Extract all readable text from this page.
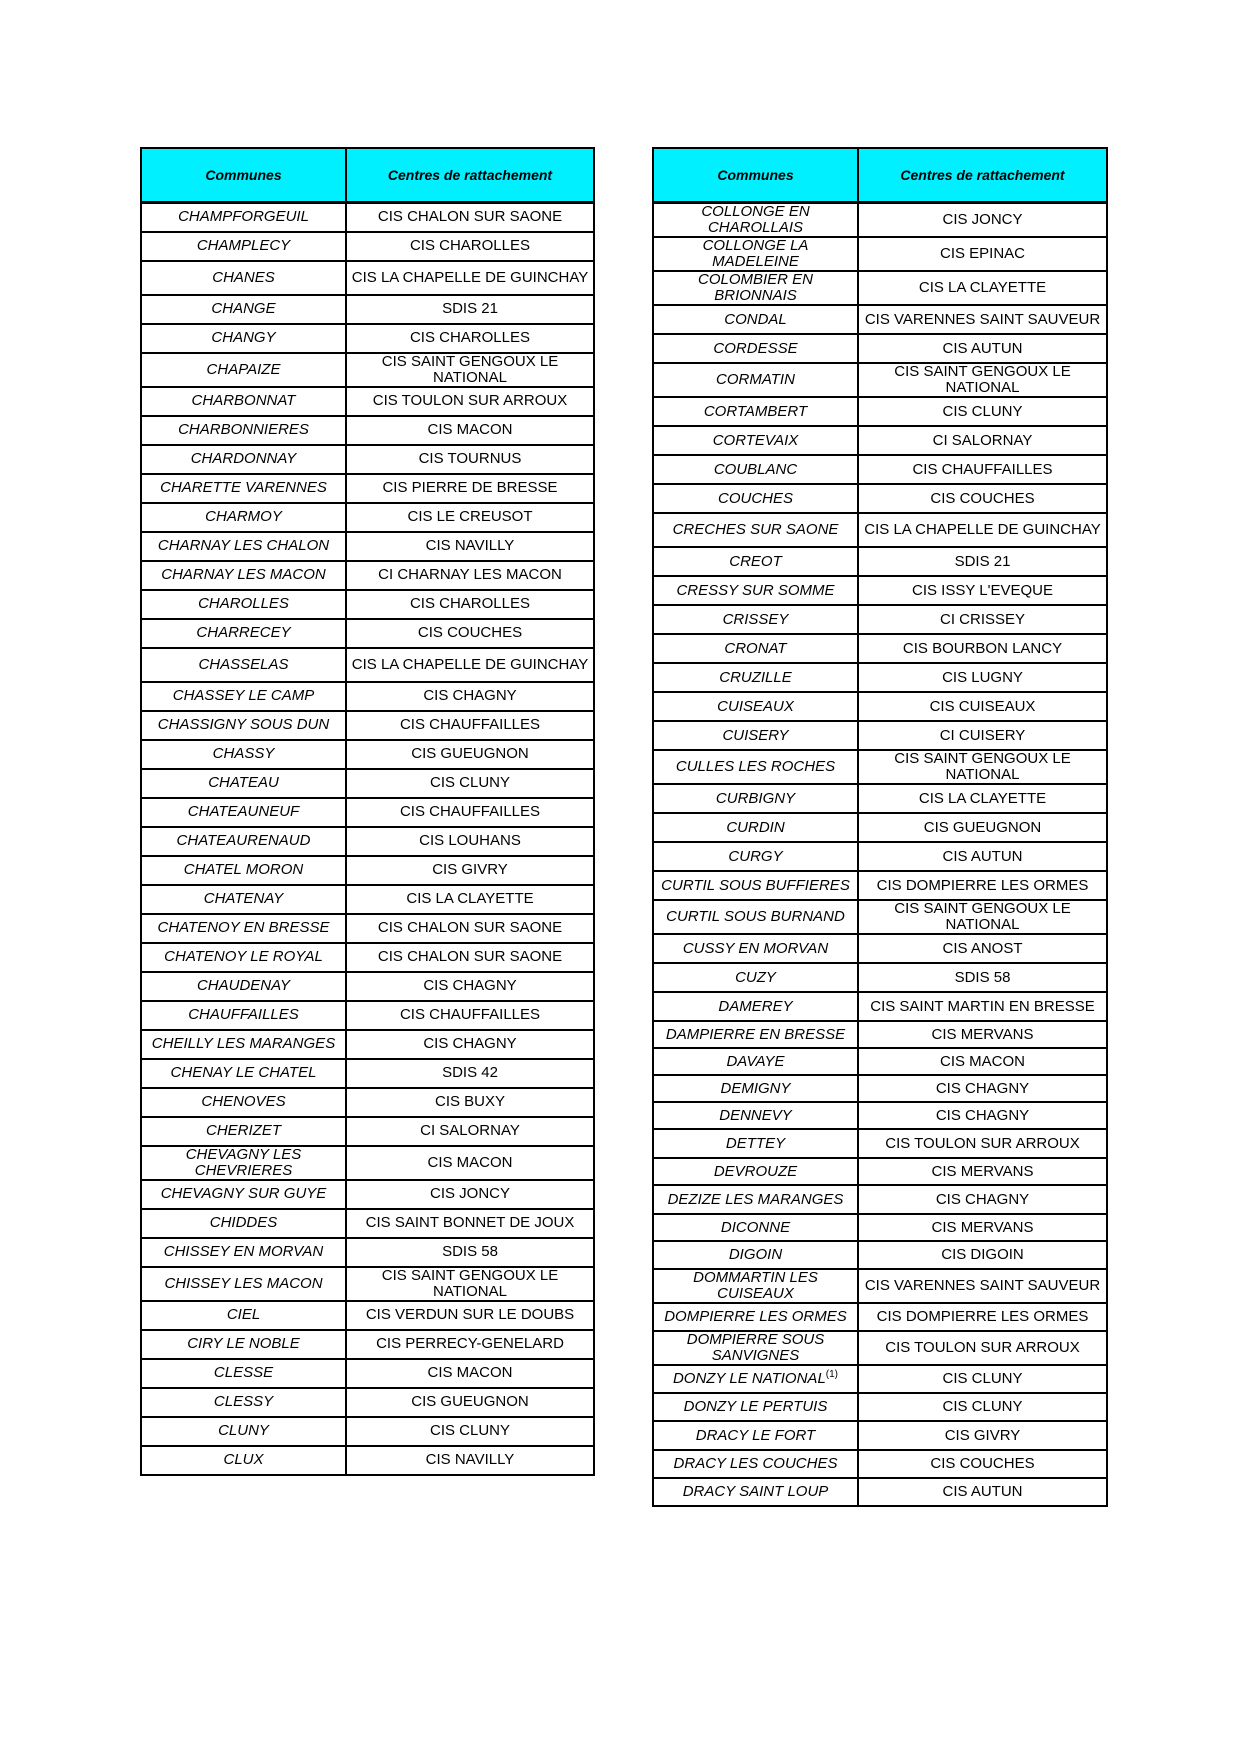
Communes	Centres de rattachement
CHAMPFORGEUIL	CIS CHALON SUR SAONE
CHAMPLECY	CIS CHAROLLES
CHANES	CIS LA CHAPELLE DE GUINCHAY
CHANGE	SDIS 21
CHANGY	CIS CHAROLLES
CHAPAIZE	CIS SAINT GENGOUX LE NATIONAL
CHARBONNAT	CIS TOULON SUR ARROUX
CHARBONNIERES	CIS MACON
CHARDONNAY	CIS TOURNUS
CHARETTE VARENNES	CIS PIERRE DE BRESSE
CHARMOY	CIS LE CREUSOT
CHARNAY LES CHALON	CIS NAVILLY
CHARNAY LES MACON	CI CHARNAY LES MACON
CHAROLLES	CIS CHAROLLES
CHARRECEY	CIS COUCHES
CHASSELAS	CIS LA CHAPELLE DE GUINCHAY
CHASSEY LE CAMP	CIS CHAGNY
CHASSIGNY SOUS DUN	CIS CHAUFFAILLES
CHASSY	CIS GUEUGNON
CHATEAU	CIS CLUNY
CHATEAUNEUF	CIS CHAUFFAILLES
CHATEAURENAUD	CIS LOUHANS
CHATEL MORON	CIS GIVRY
CHATENAY	CIS LA CLAYETTE
CHATENOY EN BRESSE	CIS CHALON SUR SAONE
CHATENOY LE ROYAL	CIS CHALON SUR SAONE
CHAUDENAY	CIS CHAGNY
CHAUFFAILLES	CIS CHAUFFAILLES
CHEILLY LES MARANGES	CIS CHAGNY
CHENAY LE CHATEL	SDIS 42
CHENOVES	CIS BUXY
CHERIZET	CI SALORNAY
CHEVAGNY LES CHEVRIERES	CIS MACON
CHEVAGNY SUR GUYE	CIS JONCY
CHIDDES	CIS SAINT BONNET DE JOUX
CHISSEY EN MORVAN	SDIS 58
CHISSEY LES MACON	CIS SAINT GENGOUX LE NATIONAL
CIEL	CIS VERDUN SUR LE DOUBS
CIRY LE NOBLE	CIS PERRECY-GENELARD
CLESSE	CIS MACON
CLESSY	CIS GUEUGNON
CLUNY	CIS CLUNY
CLUX	CIS NAVILLY
Communes	Centres de rattachement
COLLONGE EN CHAROLLAIS	CIS JONCY
COLLONGE LA MADELEINE	CIS EPINAC
COLOMBIER EN BRIONNAIS	CIS LA CLAYETTE
CONDAL	CIS VARENNES SAINT SAUVEUR
CORDESSE	CIS AUTUN
CORMATIN	CIS SAINT GENGOUX LE NATIONAL
CORTAMBERT	CIS CLUNY
CORTEVAIX	CI SALORNAY
COUBLANC	CIS CHAUFFAILLES
COUCHES	CIS COUCHES
CRECHES SUR SAONE	CIS LA CHAPELLE DE GUINCHAY
CREOT	SDIS 21
CRESSY SUR SOMME	CIS ISSY L'EVEQUE
CRISSEY	CI CRISSEY
CRONAT	CIS BOURBON LANCY
CRUZILLE	CIS LUGNY
CUISEAUX	CIS CUISEAUX
CUISERY	CI CUISERY
CULLES LES ROCHES	CIS SAINT GENGOUX LE NATIONAL
CURBIGNY	CIS LA CLAYETTE
CURDIN	CIS GUEUGNON
CURGY	CIS AUTUN
CURTIL SOUS BUFFIERES	CIS DOMPIERRE LES ORMES
CURTIL SOUS BURNAND	CIS SAINT GENGOUX LE NATIONAL
CUSSY EN MORVAN	CIS ANOST
CUZY	SDIS 58
DAMEREY	CIS SAINT MARTIN EN BRESSE
DAMPIERRE EN BRESSE	CIS MERVANS
DAVAYE	CIS MACON
DEMIGNY	CIS CHAGNY
DENNEVY	CIS CHAGNY
DETTEY	CIS TOULON SUR ARROUX
DEVROUZE	CIS MERVANS
DEZIZE LES MARANGES	CIS CHAGNY
DICONNE	CIS MERVANS
DIGOIN	CIS DIGOIN
DOMMARTIN LES CUISEAUX	CIS VARENNES SAINT SAUVEUR
DOMPIERRE LES ORMES	CIS DOMPIERRE LES ORMES
DOMPIERRE SOUS SANVIGNES	CIS TOULON SUR ARROUX
DONZY LE NATIONAL$^{(1)}$	CIS CLUNY
DONZY LE PERTUIS	CIS CLUNY
DRACY LE FORT	CIS GIVRY
DRACY LES COUCHES	CIS COUCHES
DRACY SAINT LOUP	CIS AUTUN
